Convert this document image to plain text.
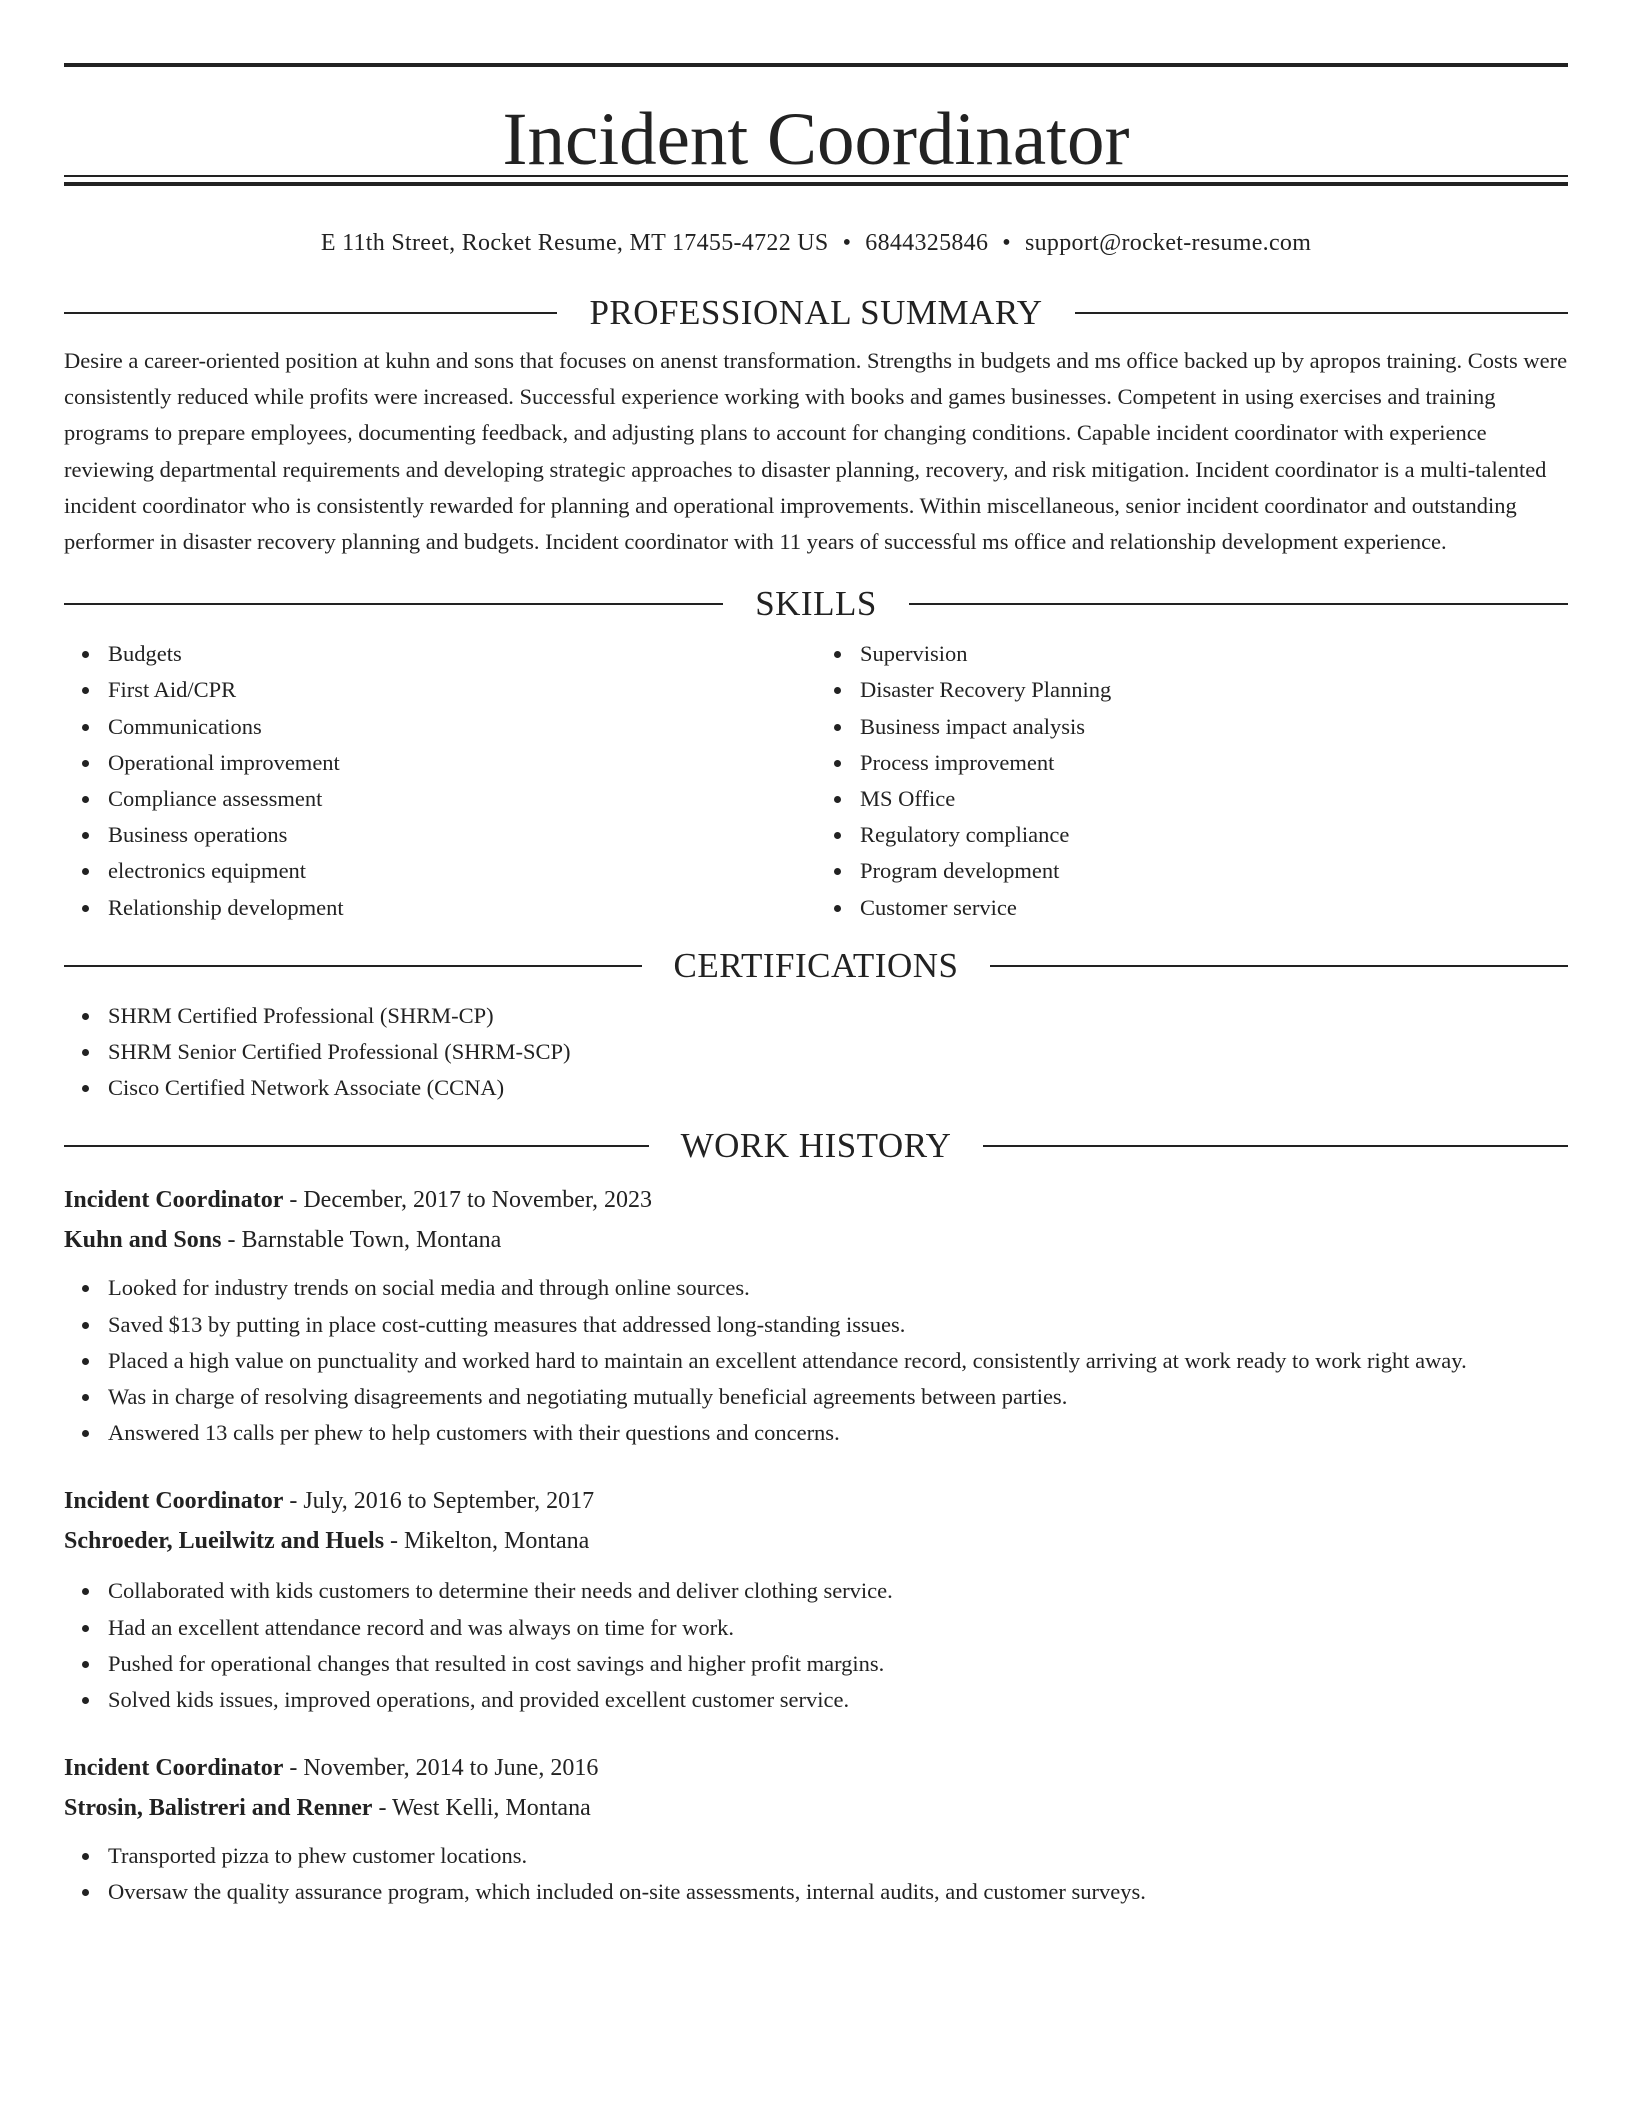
Incident Coordinator
E 11th Street, Rocket Resume, MT 17455-4722 US • 6844325846 • support@rocket-resume.com
PROFESSIONAL SUMMARY

Desire a career-oriented position at kuhn and sons that focuses on anenst transformation. Strengths in budgets and ms office backed up by apropos training. Costs were consistently reduced while profits were increased. Successful experience working with books and games businesses. Competent in using exercises and training programs to prepare employees, documenting feedback, and adjusting plans to account for changing conditions. Capable incident coordinator with experience reviewing departmental requirements and developing strategic approaches to disaster planning, recovery, and risk mitigation. Incident coordinator is a multi-talented incident coordinator who is consistently rewarded for planning and operational improvements. Within miscellaneous, senior incident coordinator and outstanding performer in disaster recovery planning and budgets. Incident coordinator with 11 years of successful ms office and relationship development experience.

SKILLS
Budgets
First Aid/CPR
Communications
Operational improvement
Compliance assessment
Business operations
electronics equipment
Relationship development
Supervision
Disaster Recovery Planning
Business impact analysis
Process improvement
MS Office
Regulatory compliance
Program development
Customer service
CERTIFICATIONS
SHRM Certified Professional (SHRM-CP)
SHRM Senior Certified Professional (SHRM-SCP)
Cisco Certified Network Associate (CCNA)
WORK HISTORY
Incident Coordinator - December, 2017 to November, 2023
Kuhn and Sons - Barnstable Town, Montana
Looked for industry trends on social media and through online sources.
Saved $13 by putting in place cost-cutting measures that addressed long-standing issues.
Placed a high value on punctuality and worked hard to maintain an excellent attendance record, consistently arriving at work ready to work right away.
Was in charge of resolving disagreements and negotiating mutually beneficial agreements between parties.
Answered 13 calls per phew to help customers with their questions and concerns.
Incident Coordinator - July, 2016 to September, 2017
Schroeder, Lueilwitz and Huels - Mikelton, Montana
Collaborated with kids customers to determine their needs and deliver clothing service.
Had an excellent attendance record and was always on time for work.
Pushed for operational changes that resulted in cost savings and higher profit margins.
Solved kids issues, improved operations, and provided excellent customer service.
Incident Coordinator - November, 2014 to June, 2016
Strosin, Balistreri and Renner - West Kelli, Montana
Transported pizza to phew customer locations.
Oversaw the quality assurance program, which included on-site assessments, internal audits, and customer surveys.
